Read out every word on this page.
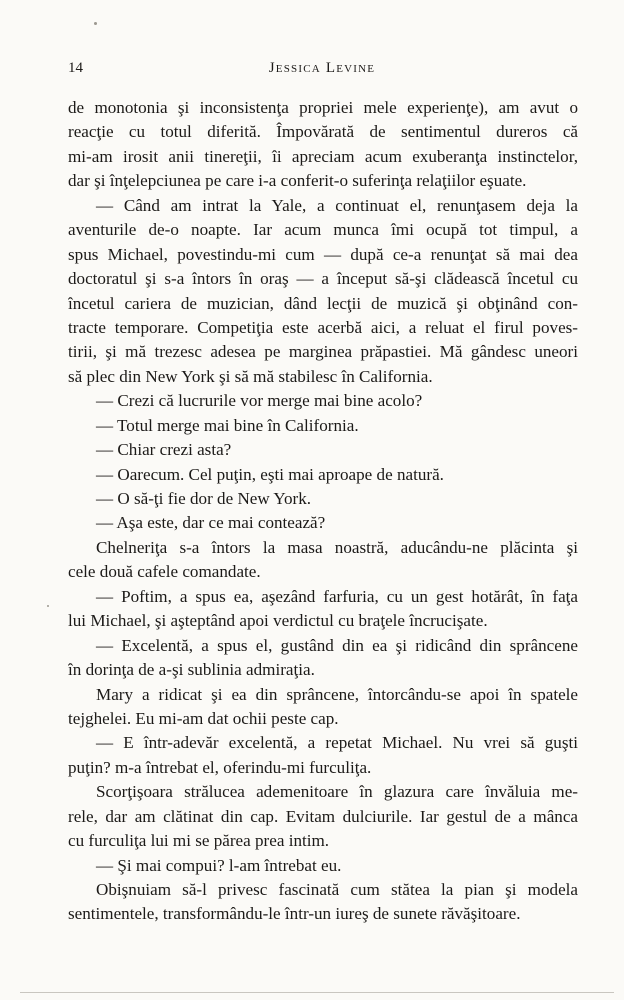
14	Jessica Levine
de monotonia şi inconsistenţa propriei mele experienţe), am avut o
reacţie cu totul diferită. Împovărată de sentimentul dureros că
mi-am irosit anii tinereţii, îi apreciam acum exuberanţa instinctelor,
dar şi înţelepciunea pe care i-a conferit-o suferinţa relaţiilor eşuate.
— Când am intrat la Yale, a continuat el, renunţasem deja la
aventurile de-o noapte. Iar acum munca îmi ocupă tot timpul, a
spus Michael, povestindu-mi cum — după ce-a renunţat să mai dea
doctoratul şi s-a întors în oraş — a început să-şi clădească încetul cu
încetul cariera de muzician, dând lecţii de muzică şi obţinând con-
tracte temporare. Competiţia este acerbă aici, a reluat el firul poves-
tirii, şi mă trezesc adesea pe marginea prăpastiei. Mă gândesc uneori
să plec din New York şi să mă stabilesc în California.
— Crezi că lucrurile vor merge mai bine acolo?
— Totul merge mai bine în California.
— Chiar crezi asta?
— Oarecum. Cel puţin, eşti mai aproape de natură.
— O să-ţi fie dor de New York.
— Aşa este, dar ce mai contează?
Chelneriţa s-a întors la masa noastră, aducându-ne plăcinta şi
cele două cafele comandate.
— Poftim, a spus ea, aşezând farfuria, cu un gest hotărât, în faţa
lui Michael, şi aşteptând apoi verdictul cu braţele încrucişate.
— Excelentă, a spus el, gustând din ea şi ridicând din sprâncene
în dorinţa de a-şi sublinia admiraţia.
Mary a ridicat şi ea din sprâncene, întorcându-se apoi în spatele
tejghelei. Eu mi-am dat ochii peste cap.
— E într-adevăr excelentă, a repetat Michael. Nu vrei să guşti
puţin? m-a întrebat el, oferindu-mi furculiţa.
Scorţişoara strălucea ademenitoare în glazura care învăluia me-
rele, dar am clătinat din cap. Evitam dulciurile. Iar gestul de a mânca
cu furculiţa lui mi se părea prea intim.
— Şi mai compui? l-am întrebat eu.
Obişnuiam să-l privesc fascinată cum stătea la pian şi modela
sentimentele, transformându-le într-un iureş de sunete răvăşitoare.
